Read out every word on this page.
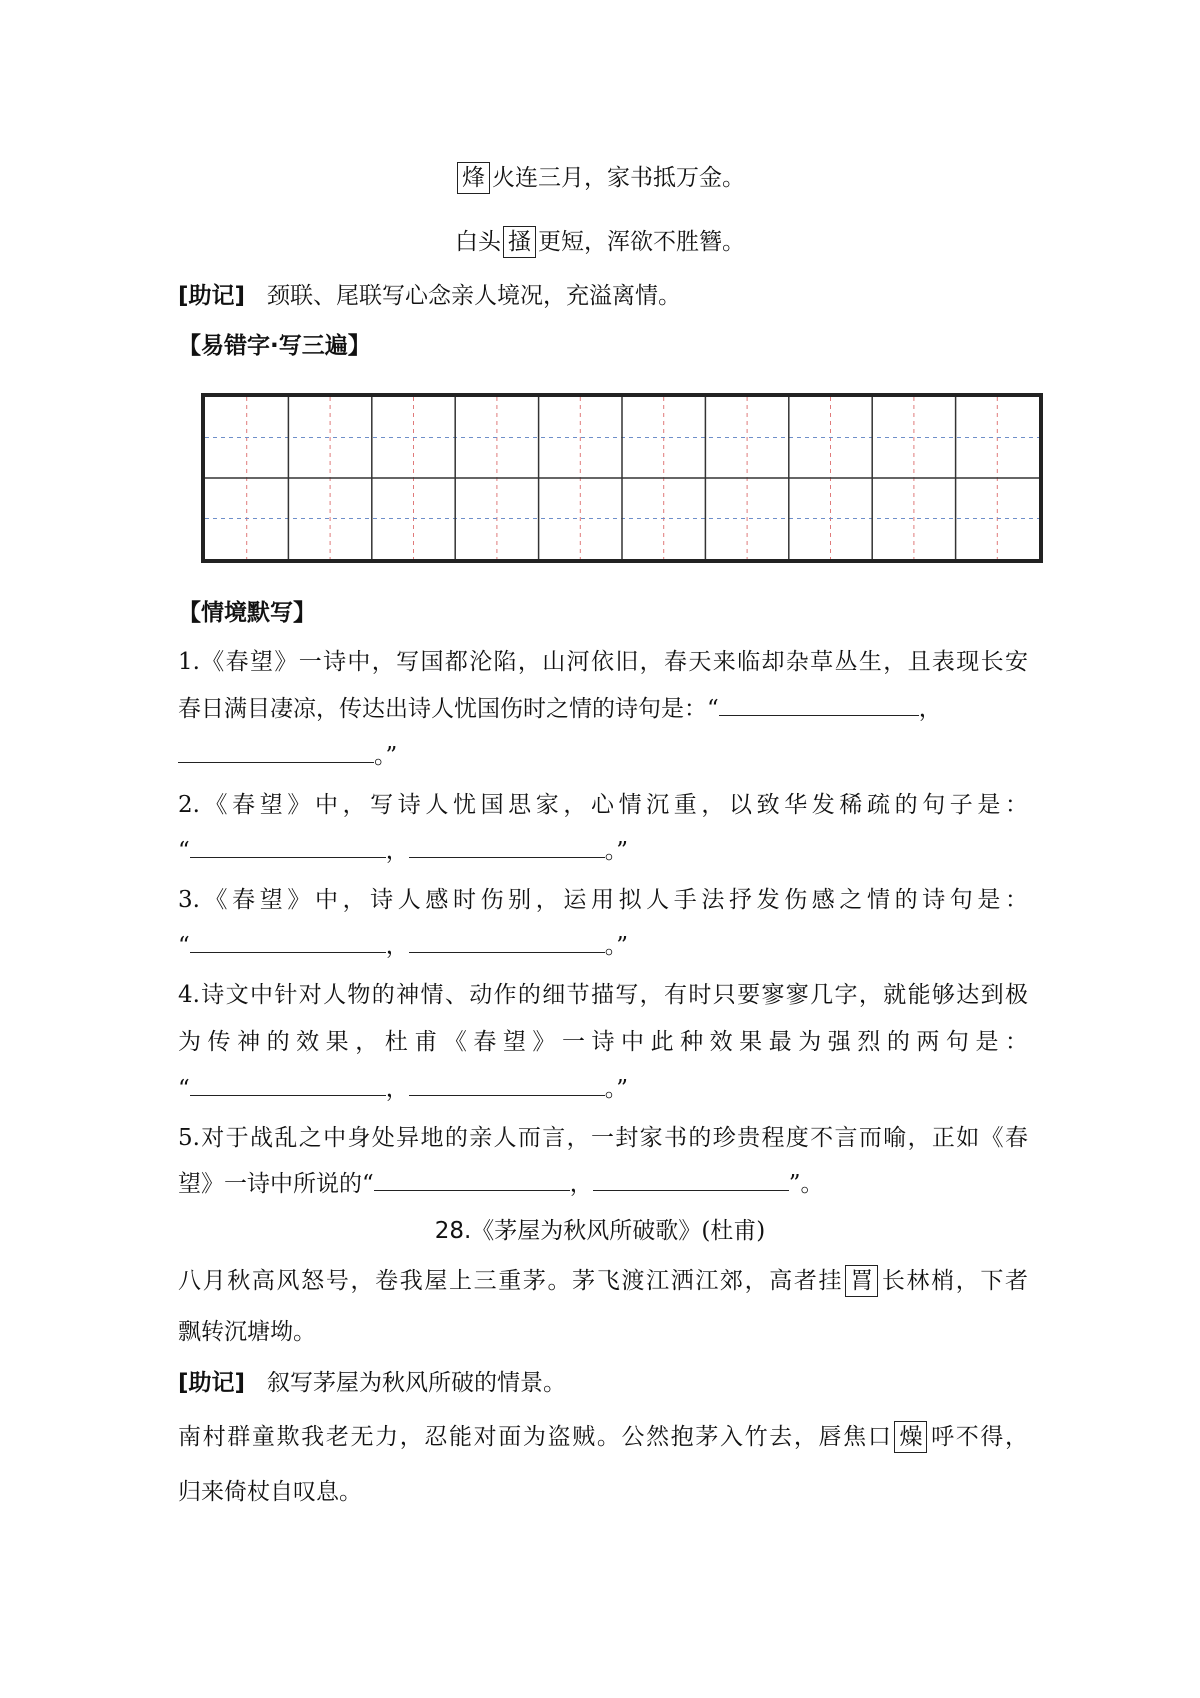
烽 火连三月，家书抵万金。
白头 搔 更短，浑欲不胜簪。
[助记] 颈联、尾联写心念亲人境况，充溢离情。
【易错字·写三遍】
【情境默写】
1.《春望》一诗中，写国都沦陷，山河依旧，春天来临却杂草丛生，且表现长安
春日满目凄凉，传达出诗人忧国伤时之情的诗句是：“	，
。”
2.《春望》中，写诗人忧国思家，心情沉重，以致华发稀疏的句子是：
“	，	。”
3.《春望》中，诗人感时伤别，运用拟人手法抒发伤感之情的诗句是：
“	，	。”
4.诗文中针对人物的神情、动作的细节描写，有时只要寥寥几字，就能够达到极
为传神的效果，杜甫《春望》一诗中此种效果最为强烈的两句是：
“	，	。”
5.对于战乱之中身处异地的亲人而言，一封家书的珍贵程度不言而喻，正如《春
望》一诗中所说的“	，	”。
28.《茅屋为秋风所破歌》(杜甫)
八月秋高风怒号，卷我屋上三重茅。茅飞渡江洒江郊，高者挂 罥 长林梢，下者
飘转沉塘坳。
[助记] 叙写茅屋为秋风所破的情景。
南村群童欺我老无力，忍能对面为盗贼。公然抱茅入竹去，唇焦口 燥 呼不得，
归来倚杖自叹息。
